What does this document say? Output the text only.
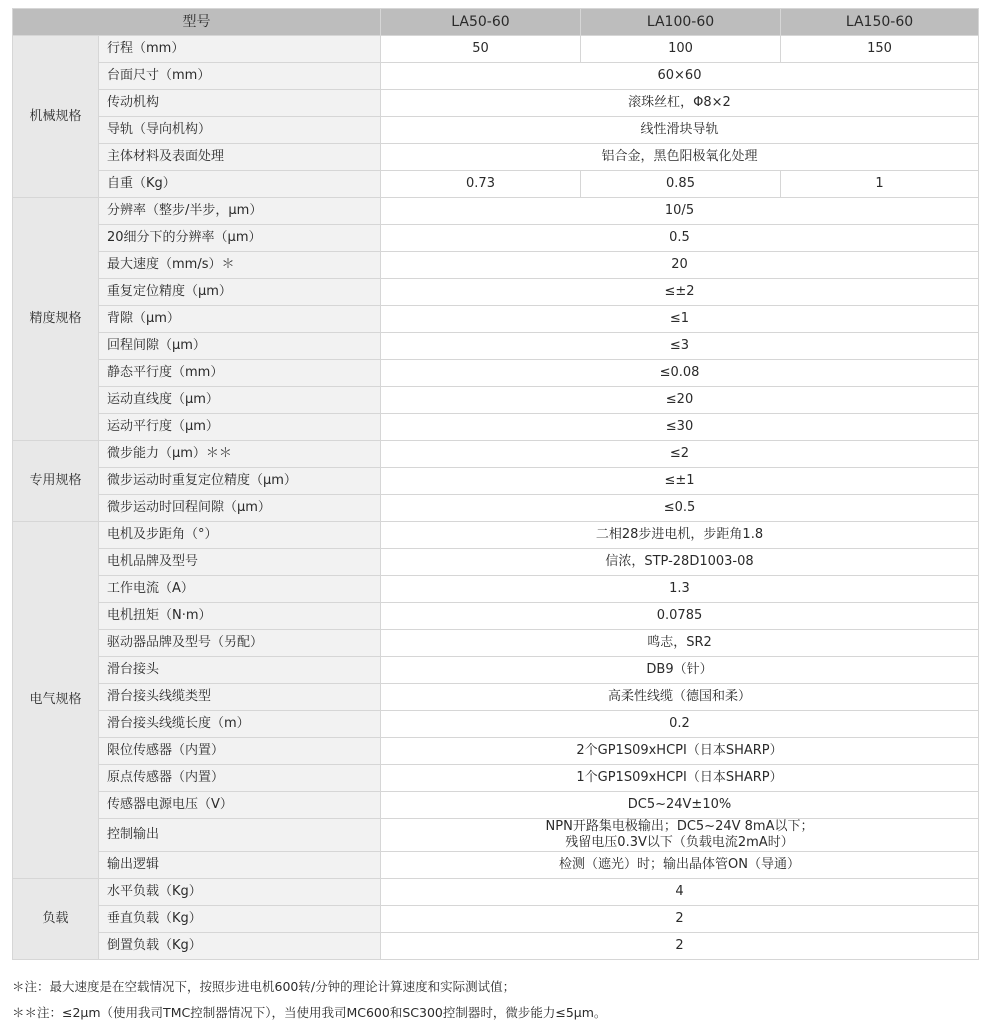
型号		LA50-60	LA100-60	LA150-60
机械规格	行程（mm）	50	100	150
	台面尺寸（mm）	60×60		
	传动机构	滚珠丝杠，Φ8×2		
	导轨（导向机构）	线性滑块导轨		
	主体材料及表面处理	铝合金，黑色阳极氧化处理		
	自重（Kg）	0.73	0.85	1
精度规格	分辨率（整步/半步，μm）	10/5		
	20细分下的分辨率（μm）	0.5		
	最大速度（mm/s）＊	20		
	重复定位精度（μm）	≤±2		
	背隙（μm）	≤1		
	回程间隙（μm）	≤3		
	静态平行度（mm）	≤0.08		
	运动直线度（μm）	≤20		
	运动平行度（μm）	≤30		
专用规格	微步能力（μm）＊＊	≤2		
	微步运动时重复定位精度（μm）	≤±1		
	微步运动时回程间隙（μm）	≤0.5		
电气规格	电机及步距角（°）	二相28步进电机，步距角1.8		
	电机品牌及型号	信浓，STP-28D1003-08		
	工作电流（A）	1.3		
	电机扭矩（N·m）	0.0785		
	驱动器品牌及型号（另配）	鸣志，SR2		
	滑台接头	DB9（针）		
	滑台接头线缆类型	高柔性线缆（德国和柔）		
	滑台接头线缆长度（m）	0.2		
	限位传感器（内置）	2个GP1S09xHCPI（日本SHARP）		
	原点传感器（内置）	1个GP1S09xHCPI（日本SHARP）		
	传感器电源电压（V）	DC5~24V±10%		
	控制输出	NPN开路集电极输出；DC5~24V 8mA以下；
残留电压0.3V以下（负载电流2mA时）		
	输出逻辑	检测（遮光）时；输出晶体管ON（导通）		
负载	水平负载（Kg）	4		
	垂直负载（Kg）	2		
	倒置负载（Kg）	2		
＊注：最大速度是在空载情况下，按照步进电机600转/分钟的理论计算速度和实际测试值；
＊＊注：≤2μm（使用我司TMC控制器情况下），当使用我司MC600和SC300控制器时，微步能力≤5μm。
